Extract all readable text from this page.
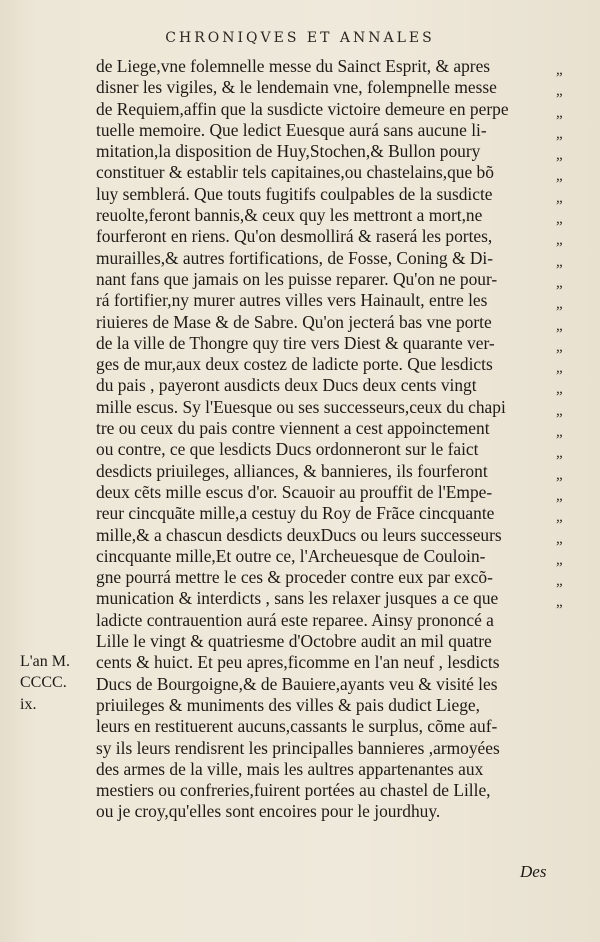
CHRONIQVES ET ANNALES
de Liege,vne folemnelle messe du Sainct Esprit, & apres
disner les vigiles, & le lendemain vne, folempnelle messe
de Requiem,affin que la susdicte victoire demeure en perpe
tuelle memoire. Que ledict Euesque aurá sans aucune li-
mitation,la disposition de Huy,Stochen,& Bullon poury
constituer & establir tels capitaines,ou chastelains,que bõ
luy semblerá. Que touts fugitifs coulpables de la susdicte
reuolte,feront bannis,& ceux quy les mettront a mort,ne
fourferont en riens. Qu'on desmollirá & raserá les portes,
murailles,& autres fortifications, de Fosse, Coning & Di-
nant fans que jamais on les puisse reparer. Qu'on ne pour-
rá fortifier,ny murer autres villes vers Hainault, entre les
riuieres de Mase & de Sabre. Qu'on jecterá bas vne porte
de la ville de Thongre quy tire vers Diest & quarante ver-
ges de mur,aux deux costez de ladicte porte. Que lesdicts
du pais , payeront ausdicts deux Ducs deux cents vingt
mille escus. Sy l'Euesque ou ses successeurs,ceux du chapi
tre ou ceux du pais contre viennent a cest appoinctement
ou contre, ce que lesdicts Ducs ordonneront sur le faict
desdicts priuileges, alliances, & bannieres, ils fourferont
deux cẽts mille escus d'or. Scauoir au prouffit de l'Empe-
reur cincquãte mille,a cestuy du Roy de Frãce cincquante
mille,& a chascun desdicts deuxDucs ou leurs successeurs
cincquante mille,Et outre ce, l'Archeuesque de Couloin-
gne pourrá mettre le ces & proceder contre eux par excõ-
munication & interdicts , sans les relaxer jusques a ce que
ladicte contrauention aurá este reparee. Ainsy prononcé a
Lille le vingt & quatriesme d'Octobre audit an mil quatre
cents & huict. Et peu apres,ficomme en l'an neuf , lesdicts
Ducs de Bourgoigne,& de Bauiere,ayants veu & visité les
priuileges & muniments des villes & pais dudict Liege,
leurs en restituerent aucuns,cassants le surplus, cõme auf-
sy ils leurs rendisrent les principalles bannieres ,armoyées
des armes de la ville, mais les aultres appartenantes aux
mestiers ou confreries,fuirent portées au chastel de Lille,
ou je croy,qu'elles sont encoires pour le jourdhuy.
„
„
„
„
„
„
„
„
„
„
„
„
„
„
„
„
„
„
„
„
„
„
„
„
„
„
L'an M.
CCCC.
ix.

Des
